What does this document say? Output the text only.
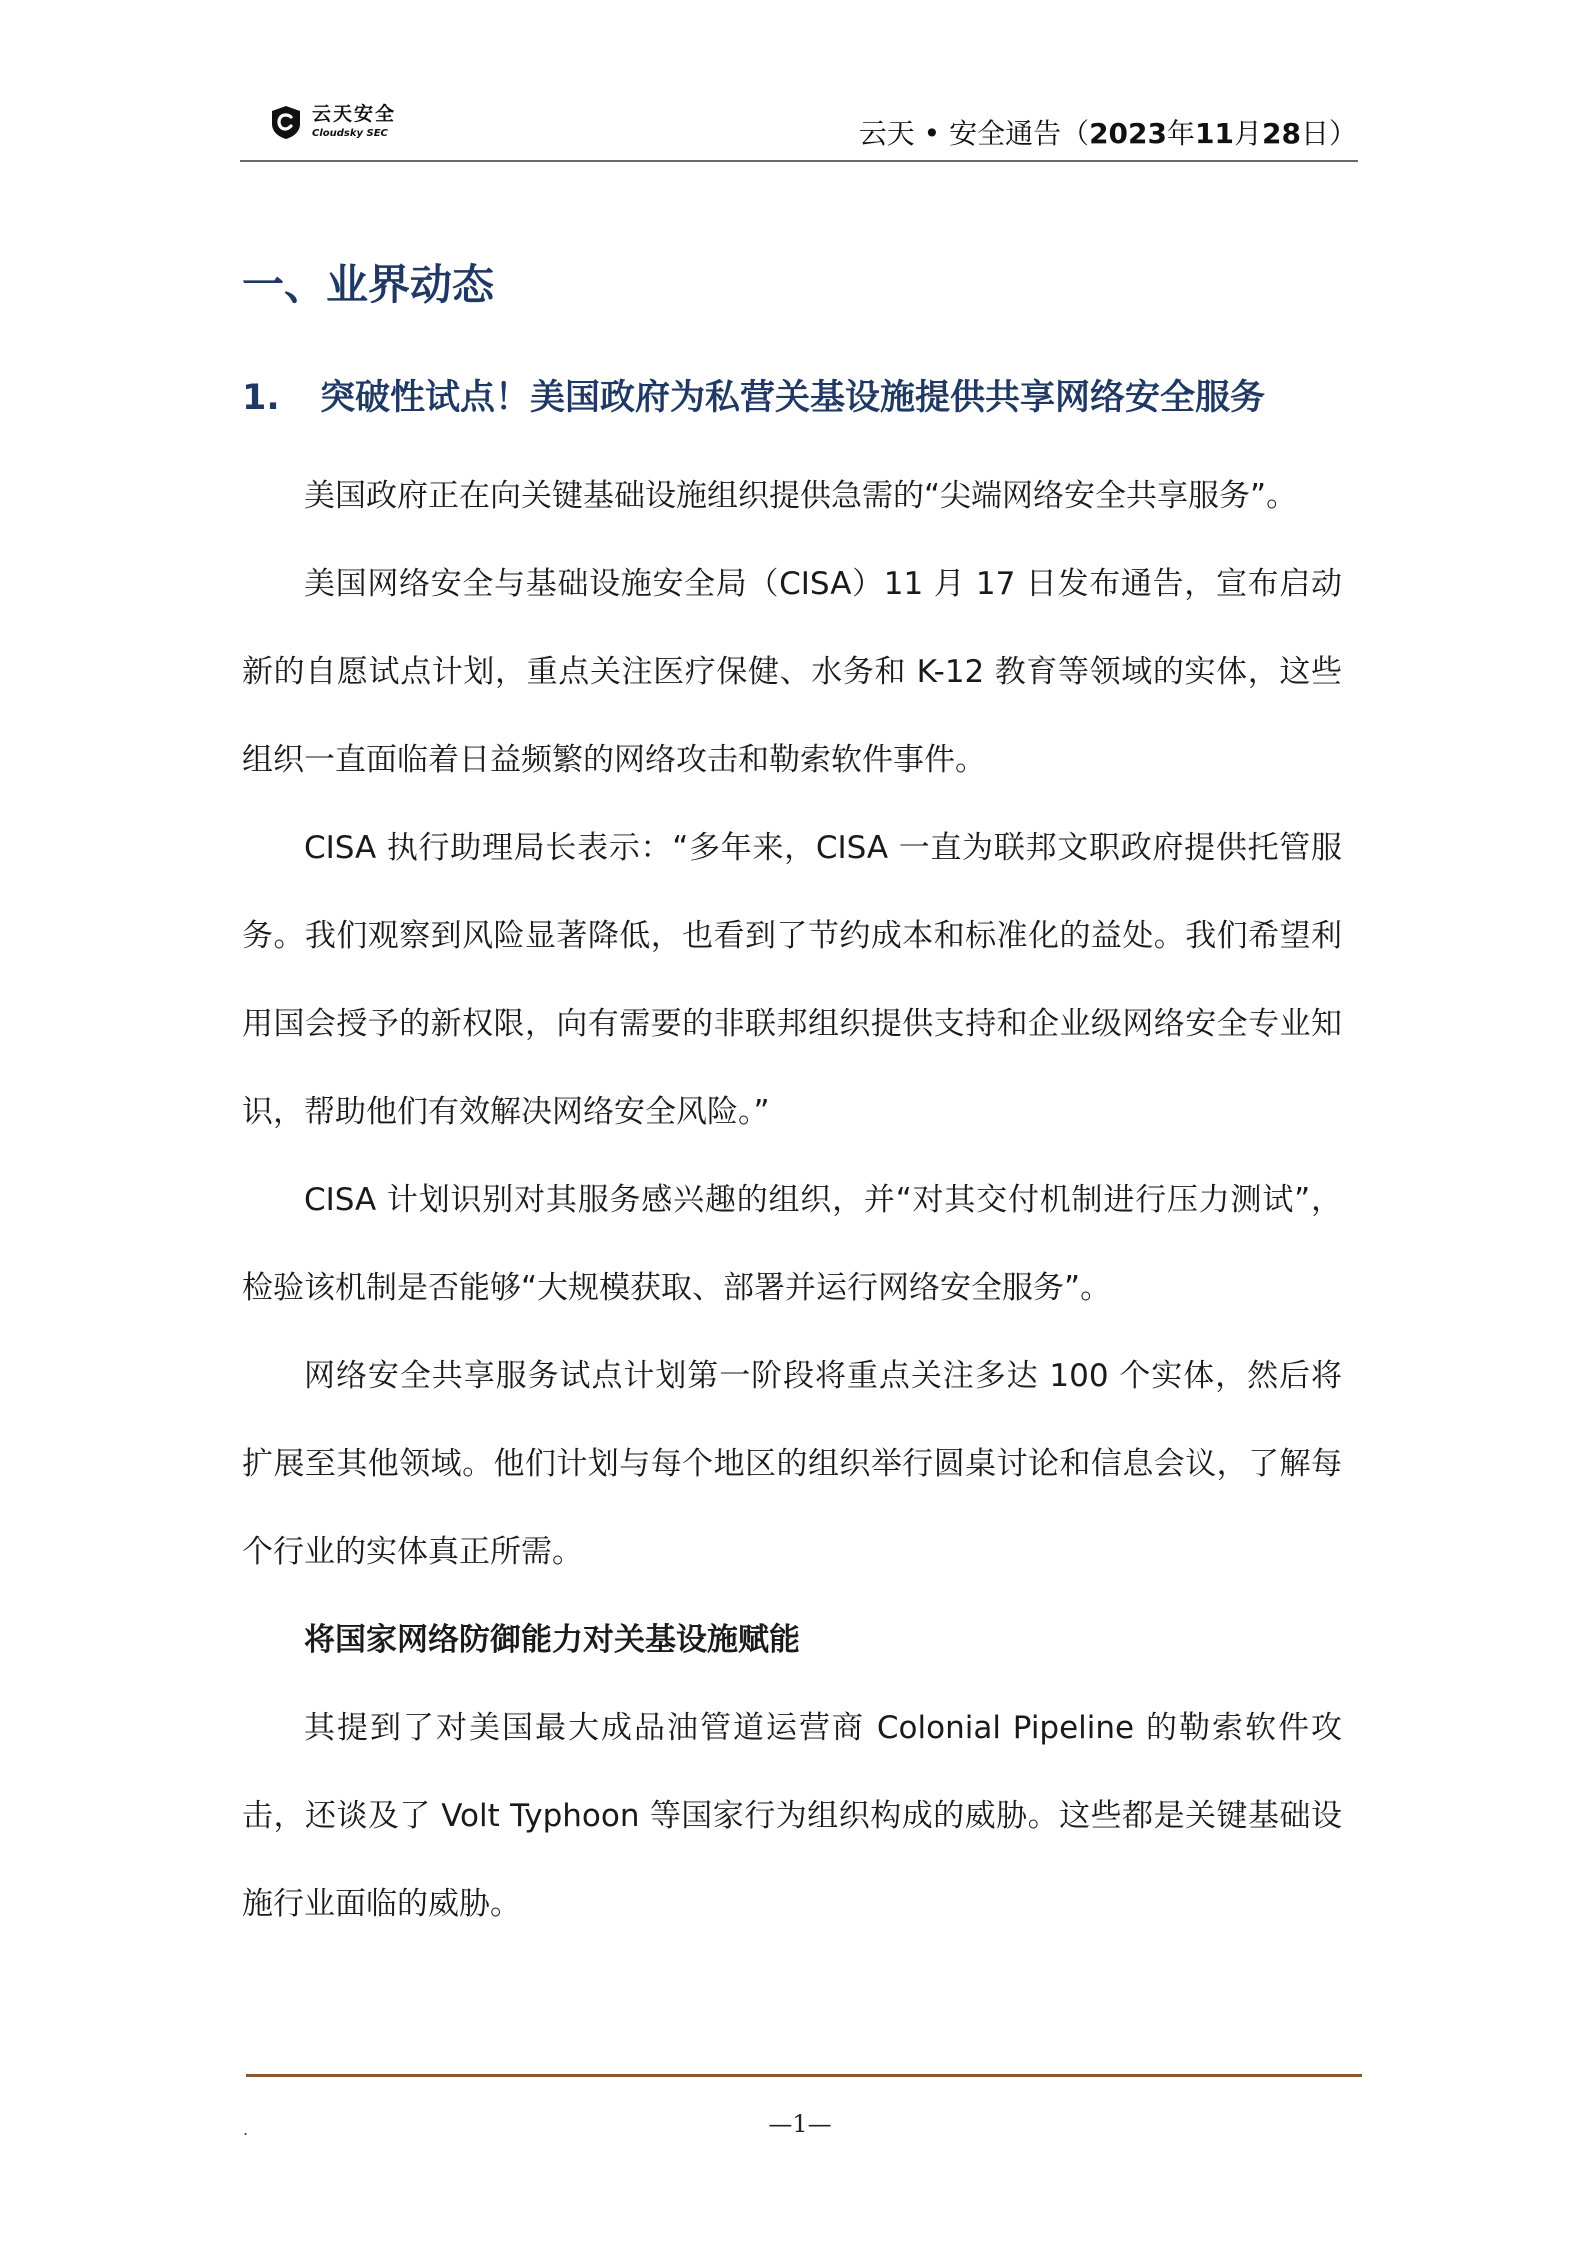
云天安全
Cloudsky SEC	云天 • 安全通告（2023年11月28日）
一、业界动态
1. 突破性试点！美国政府为私营关基设施提供共享网络安全服务

美国政府正在向关键基础设施组织提供急需的“尖端网络安全共享服务”。

美国网络安全与基础设施安全局（CISA）11 月 17 日发布通告，宣布启动新的自愿试点计划，重点关注医疗保健、水务和 K-12 教育等领域的实体，这些组织一直面临着日益频繁的网络攻击和勒索软件事件。

CISA 执行助理局长表示：“多年来，CISA 一直为联邦文职政府提供托管服务。我们观察到风险显著降低，也看到了节约成本和标准化的益处。我们希望利用国会授予的新权限，向有需要的非联邦组织提供支持和企业级网络安全专业知识，帮助他们有效解决网络安全风险。”

CISA 计划识别对其服务感兴趣的组织，并“对其交付机制进行压力测试”，检验该机制是否能够“大规模获取、部署并运行网络安全服务”。

网络安全共享服务试点计划第一阶段将重点关注多达 100 个实体，然后将扩展至其他领域。他们计划与每个地区的组织举行圆桌讨论和信息会议，了解每个行业的实体真正所需。

将国家网络防御能力对关基设施赋能

其提到了对美国最大成品油管道运营商 Colonial Pipeline 的勒索软件攻击，还谈及了 Volt Typhoon 等国家行为组织构成的威胁。这些都是关键基础设施行业面临的威胁。

.	—1—
